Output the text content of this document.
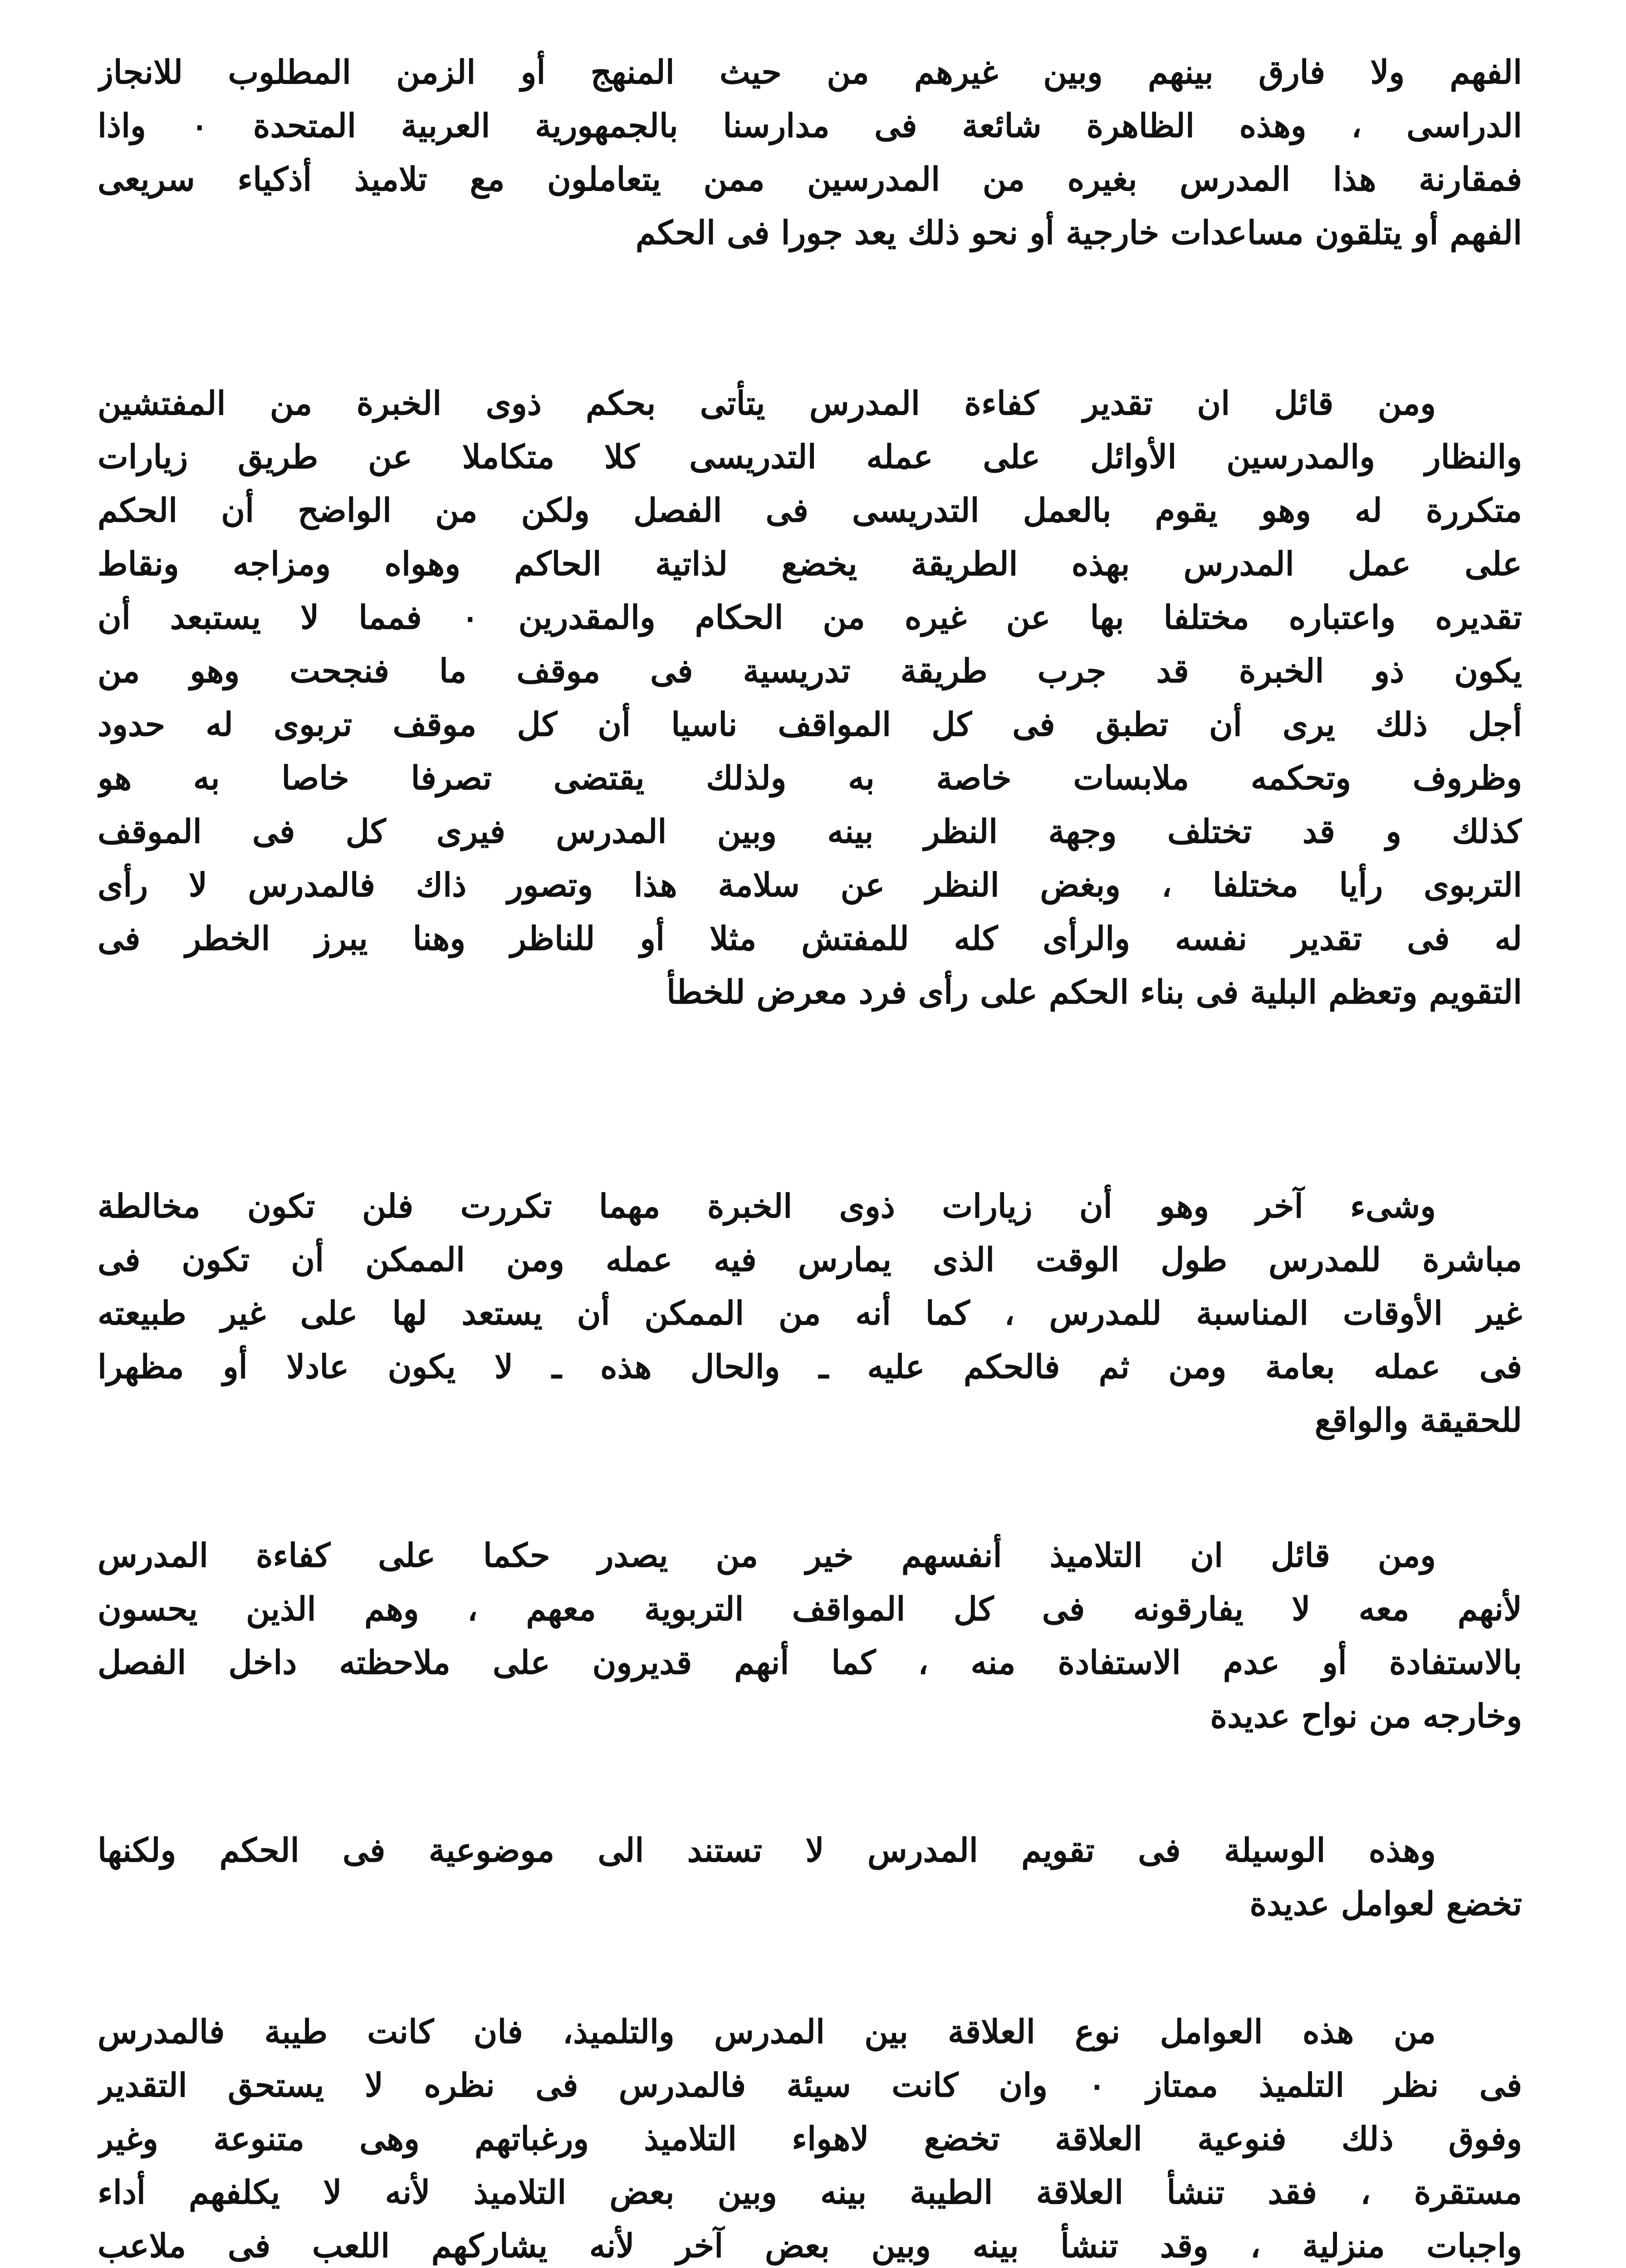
الفهم ولا فارق بينهم وبين غيرهم من حيث المنهج أو الزمن المطلوب للانجاز
الدراسى ، وهذه الظاهرة شائعة فى مدارسنا بالجمهورية العربية المتحدة ٠ واذا
فمقارنة هذا المدرس بغيره من المدرسين ممن يتعاملون مع تلاميذ أذكياء سريعى
الفهم أو يتلقون مساعدات خارجية أو نحو ذلك يعد جورا فى الحكم
ومن قائل ان تقدير كفاءة المدرس يتأتى بحكم ذوى الخبرة من المفتشين
والنظار والمدرسين الأوائل على عمله التدريسى كلا متكاملا عن طريق زيارات
متكررة له وهو يقوم بالعمل التدريسى فى الفصل ولكن من الواضح أن الحكم
على عمل المدرس بهذه الطريقة يخضع لذاتية الحاكم وهواه ومزاجه ونقاط
تقديره واعتباره مختلفا بها عن غيره من الحكام والمقدرين ٠ فمما لا يستبعد أن
يكون ذو الخبرة قد جرب طريقة تدريسية فى موقف ما فنجحت وهو من
أجل ذلك يرى أن تطبق فى كل المواقف ناسيا أن كل موقف تربوى له حدود
وظروف وتحكمه ملابسات خاصة به ولذلك يقتضى تصرفا خاصا به هو
كذلك و قد تختلف وجهة النظر بينه وبين المدرس فيرى كل فى الموقف
التربوى رأيا مختلفا ، وبغض النظر عن سلامة هذا وتصور ذاك فالمدرس لا رأى
له فى تقدير نفسه والرأى كله للمفتش مثلا أو للناظر وهنا يبرز الخطر فى
التقويم وتعظم البلية فى بناء الحكم على رأى فرد معرض للخطأ
وشىء آخر وهو أن زيارات ذوى الخبرة مهما تكررت فلن تكون مخالطة
مباشرة للمدرس طول الوقت الذى يمارس فيه عمله ومن الممكن أن تكون فى
غير الأوقات المناسبة للمدرس ، كما أنه من الممكن أن يستعد لها على غير طبيعته
فى عمله بعامة ومن ثم فالحكم عليه ـ والحال هذه ـ لا يكون عادلا أو مظهرا
للحقيقة والواقع
ومن قائل ان التلاميذ أنفسهم خير من يصدر حكما على كفاءة المدرس
لأنهم معه لا يفارقونه فى كل المواقف التربوية معهم ، وهم الذين يحسون
بالاستفادة أو عدم الاستفادة منه ، كما أنهم قديرون على ملاحظته داخل الفصل
وخارجه من نواح عديدة
وهذه الوسيلة فى تقويم المدرس لا تستند الى موضوعية فى الحكم ولكنها
تخضع لعوامل عديدة
من هذه العوامل نوع العلاقة بين المدرس والتلميذ، فان كانت طيبة فالمدرس
فى نظر التلميذ ممتاز ٠ وان كانت سيئة فالمدرس فى نظره لا يستحق التقدير
وفوق ذلك فنوعية العلاقة تخضع لاهواء التلاميذ ورغباتهم وهى متنوعة وغير
مستقرة ، فقد تنشأ العلاقة الطيبة بينه وبين بعض التلاميذ لأنه لا يكلفهم أداء
واجبات منزلية ، وقد تنشأ بينه وبين بعض آخر لأنه يشاركهم اللعب فى ملاعب
